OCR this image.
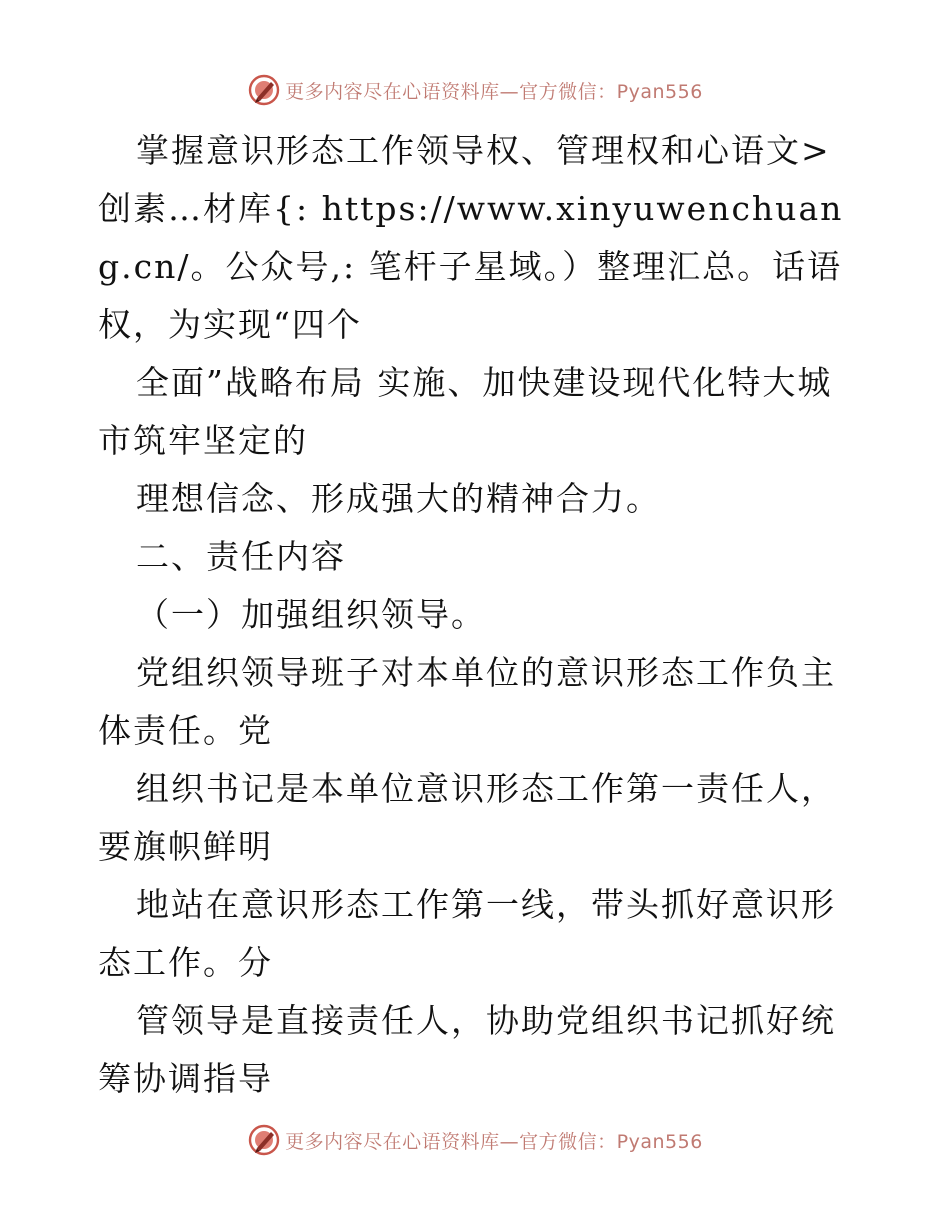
更多内容尽在心语资料库—官方微信：Pyan556

掌握意识形态工作领导权、管理权和心语文>创素…材库{: https://www.xinyuwenchuang.cn/。公众号,: 笔杆子星域。）整理汇总。话语权，为实现“四个

全面”战略布局 实施、加快建设现代化特大城市筑牢坚定的

理想信念、形成强大的精神合力。

二、责任内容

（一）加强组织领导。

党组织领导班子对本单位的意识形态工作负主体责任。党

组织书记是本单位意识形态工作第一责任人，要旗帜鲜明

地站在意识形态工作第一线，带头抓好意识形态工作。分

管领导是直接责任人，协助党组织书记抓好统筹协调指导

更多内容尽在心语资料库—官方微信：Pyan556
